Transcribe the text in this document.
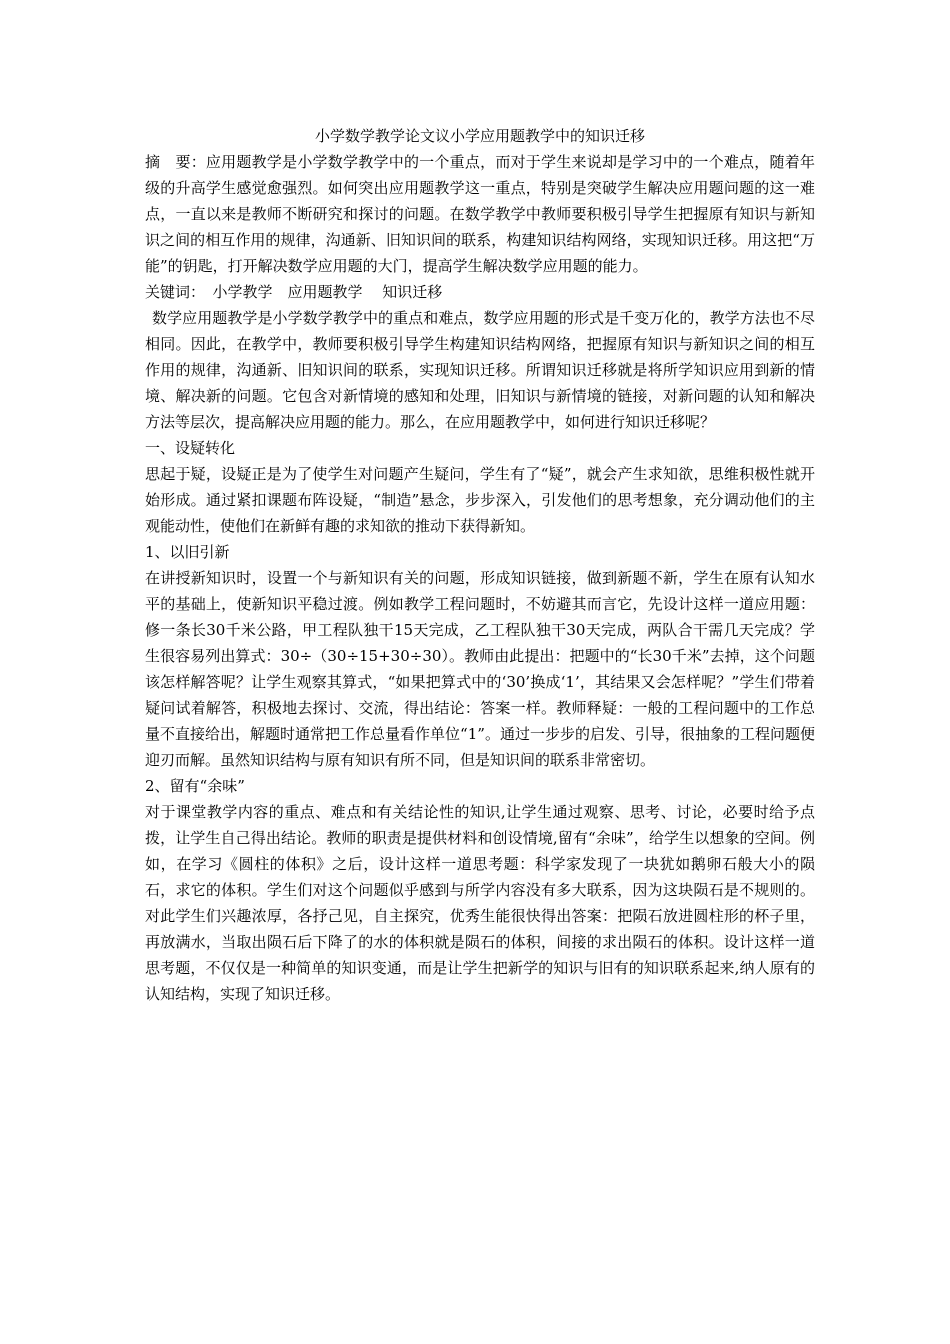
小学数学教学论文议小学应用题教学中的知识迁移

摘　要：应用题教学是小学数学教学中的一个重点，而对于学生来说却是学习中的一个难点，随着年级的升高学生感觉愈强烈。如何突出应用题教学这一重点，特别是突破学生解决应用题问题的这一难点，一直以来是教师不断研究和探讨的问题。在数学教学中教师要积极引导学生把握原有知识与新知识之间的相互作用的规律，沟通新、旧知识间的联系，构建知识结构网络，实现知识迁移。用这把“万能”的钥匙，打开解决数学应用题的大门，提高学生解决数学应用题的能力。

关键词：　小学教学　应用题教学　 知识迁移

数学应用题教学是小学数学教学中的重点和难点，数学应用题的形式是千变万化的，教学方法也不尽相同。因此，在教学中，教师要积极引导学生构建知识结构网络，把握原有知识与新知识之间的相互作用的规律，沟通新、旧知识间的联系，实现知识迁移。所谓知识迁移就是将所学知识应用到新的情境、解决新的问题。它包含对新情境的感知和处理，旧知识与新情境的链接，对新问题的认知和解决方法等层次，提高解决应用题的能力。那么，在应用题教学中，如何进行知识迁移呢？

一、设疑转化

思起于疑，设疑正是为了使学生对问题产生疑问，学生有了“疑”，就会产生求知欲，思维积极性就开始形成。通过紧扣课题布阵设疑，“制造”悬念，步步深入，引发他们的思考想象，充分调动他们的主观能动性，使他们在新鲜有趣的求知欲的推动下获得新知。

1、以旧引新

在讲授新知识时，设置一个与新知识有关的问题，形成知识链接，做到新题不新，学生在原有认知水平的基础上，使新知识平稳过渡。例如教学工程问题时，不妨避其而言它，先设计这样一道应用题：修一条长30千米公路，甲工程队独干15天完成，乙工程队独干30天完成，两队合干需几天完成？学生很容易列出算式：30÷（30÷15+30÷30）。教师由此提出：把题中的“长30千米”去掉，这个问题该怎样解答呢？让学生观察其算式，“如果把算式中的‘30’换成‘1’，其结果又会怎样呢？”学生们带着疑问试着解答，积极地去探讨、交流，得出结论：答案一样。教师释疑：一般的工程问题中的工作总量不直接给出，解题时通常把工作总量看作单位“1”。通过一步步的启发、引导，很抽象的工程问题便迎刃而解。虽然知识结构与原有知识有所不同，但是知识间的联系非常密切。

2、留有“余味”

对于课堂教学内容的重点、难点和有关结论性的知识,让学生通过观察、思考、讨论，必要时给予点拨，让学生自己得出结论。教师的职责是提供材料和创设情境,留有“余味”，给学生以想象的空间。例如，在学习《圆柱的体积》之后，设计这样一道思考题：科学家发现了一块犹如鹅卵石般大小的陨石，求它的体积。学生们对这个问题似乎感到与所学内容没有多大联系，因为这块陨石是不规则的。对此学生们兴趣浓厚，各抒己见，自主探究，优秀生能很快得出答案：把陨石放进圆柱形的杯子里，再放满水，当取出陨石后下降了的水的体积就是陨石的体积，间接的求出陨石的体积。设计这样一道思考题，不仅仅是一种简单的知识变通，而是让学生把新学的知识与旧有的知识联系起来,纳人原有的认知结构，实现了知识迁移。
